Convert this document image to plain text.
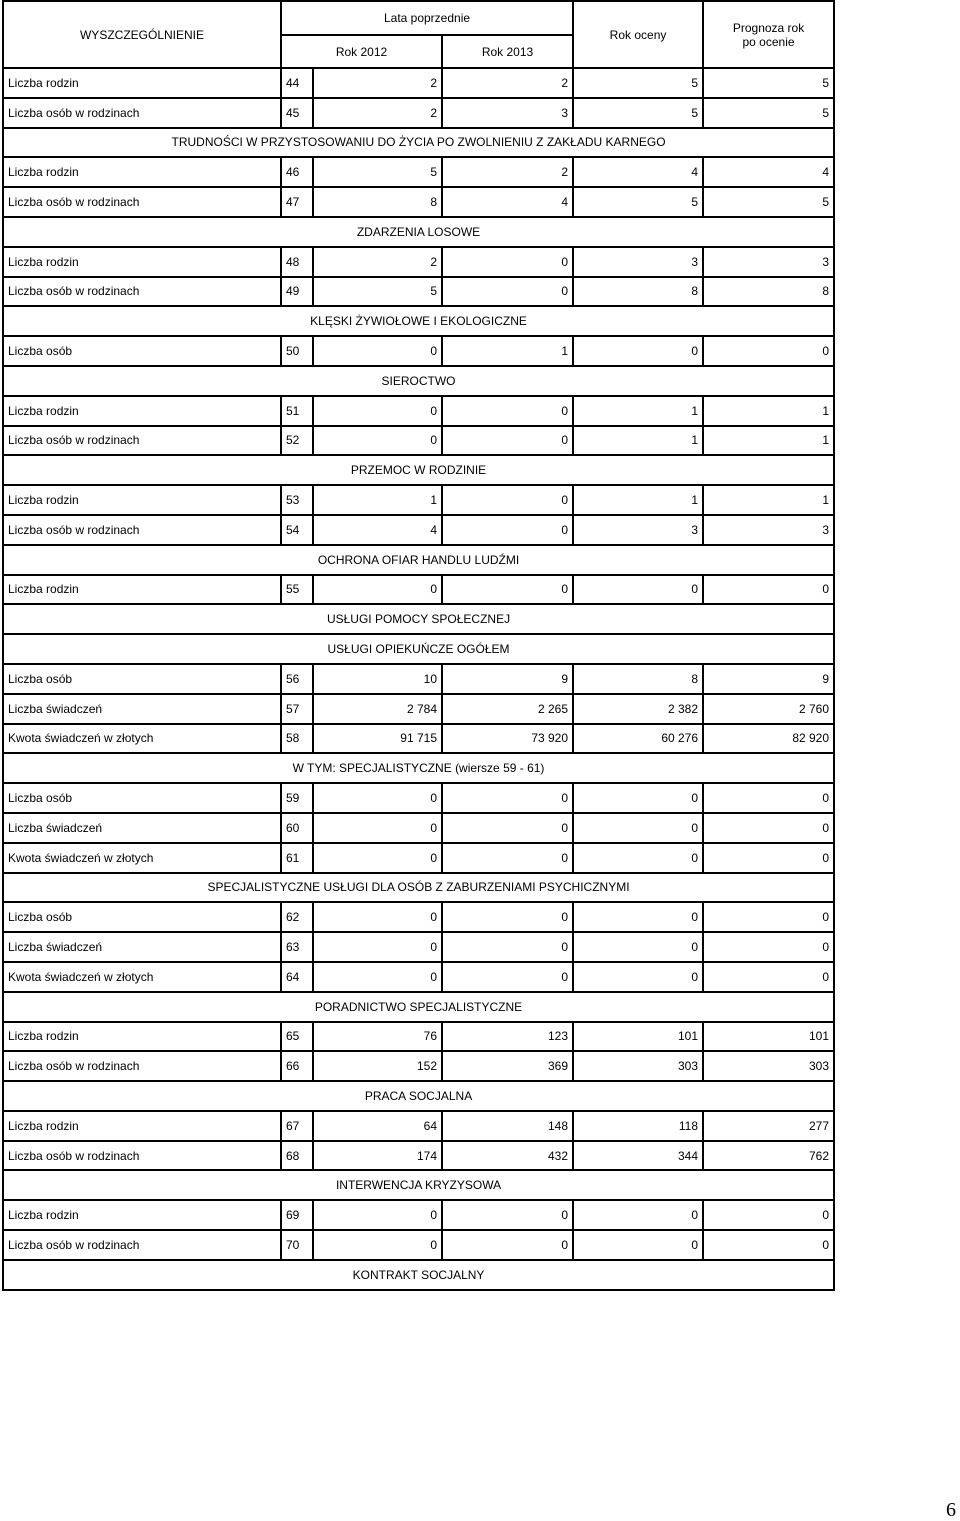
WYSZCZEGÓLNIENIE	Lata poprzednie			Rok oceny	Prognoza rok
po ocenie
	Rok 2012		Rok 2013		
Liczba rodzin	44	2	2	5	5
Liczba osób w rodzinach	45	2	3	5	5
TRUDNOŚCI W PRZYSTOSOWANIU DO ŻYCIA PO ZWOLNIENIU Z ZAKŁADU KARNEGO					
Liczba rodzin	46	5	2	4	4
Liczba osób w rodzinach	47	8	4	5	5
ZDARZENIA LOSOWE					
Liczba rodzin	48	2	0	3	3
Liczba osób w rodzinach	49	5	0	8	8
KLĘSKI ŻYWIOŁOWE I EKOLOGICZNE					
Liczba osób	50	0	1	0	0
SIEROCTWO					
Liczba rodzin	51	0	0	1	1
Liczba osób w rodzinach	52	0	0	1	1
PRZEMOC W RODZINIE					
Liczba rodzin	53	1	0	1	1
Liczba osób w rodzinach	54	4	0	3	3
OCHRONA OFIAR HANDLU LUDŹMI					
Liczba rodzin	55	0	0	0	0
USŁUGI POMOCY SPOŁECZNEJ					
USŁUGI OPIEKUŃCZE OGÓŁEM					
Liczba osób	56	10	9	8	9
Liczba świadczeń	57	2 784	2 265	2 382	2 760
Kwota świadczeń w złotych	58	91 715	73 920	60 276	82 920
W TYM: SPECJALISTYCZNE (wiersze 59 - 61)					
Liczba osób	59	0	0	0	0
Liczba świadczeń	60	0	0	0	0
Kwota świadczeń w złotych	61	0	0	0	0
SPECJALISTYCZNE USŁUGI DLA OSÓB Z ZABURZENIAMI PSYCHICZNYMI					
Liczba osób	62	0	0	0	0
Liczba świadczeń	63	0	0	0	0
Kwota świadczeń w złotych	64	0	0	0	0
PORADNICTWO SPECJALISTYCZNE					
Liczba rodzin	65	76	123	101	101
Liczba osób w rodzinach	66	152	369	303	303
PRACA SOCJALNA					
Liczba rodzin	67	64	148	118	277
Liczba osób w rodzinach	68	174	432	344	762
INTERWENCJA KRYZYSOWA					
Liczba rodzin	69	0	0	0	0
Liczba osób w rodzinach	70	0	0	0	0
KONTRAKT SOCJALNY					
6
